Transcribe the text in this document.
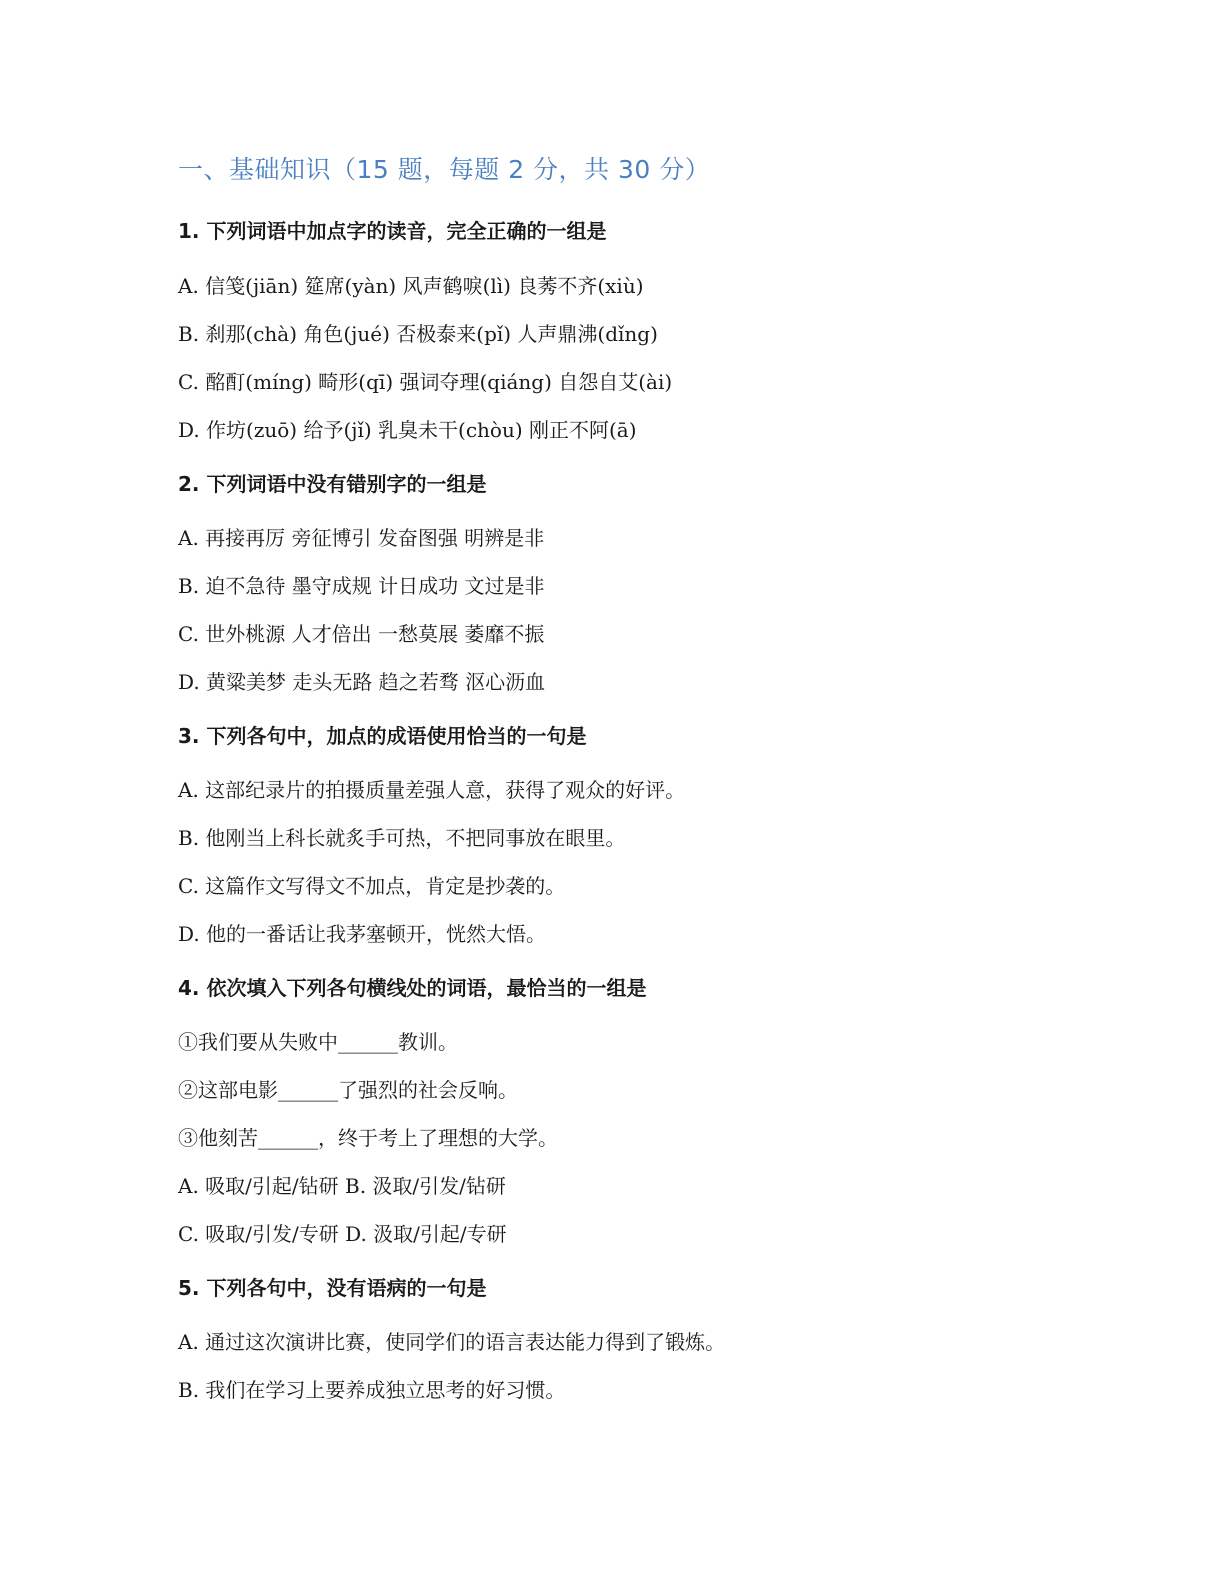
一、基础知识（15 题，每题 2 分，共 30 分）
1. 下列词语中加点字的读音，完全正确的一组是
A. 信笺(jiān) 筵席(yàn) 风声鹤唳(lì) 良莠不齐(xiù)
B. 刹那(chà) 角色(jué) 否极泰来(pǐ) 人声鼎沸(dǐng)
C. 酩酊(míng) 畸形(qī) 强词夺理(qiáng) 自怨自艾(ài)
D. 作坊(zuō) 给予(jǐ) 乳臭未干(chòu) 刚正不阿(ā)
2. 下列词语中没有错别字的一组是
A. 再接再厉 旁征博引 发奋图强 明辨是非
B. 迫不急待 墨守成规 计日成功 文过是非
C. 世外桃源 人才倍出 一愁莫展 萎靡不振
D. 黄粱美梦 走头无路 趋之若骛 沤心沥血
3. 下列各句中，加点的成语使用恰当的一句是
A. 这部纪录片的拍摄质量差强人意，获得了观众的好评。
B. 他刚当上科长就炙手可热，不把同事放在眼里。
C. 这篇作文写得文不加点，肯定是抄袭的。
D. 他的一番话让我茅塞顿开，恍然大悟。
4. 依次填入下列各句横线处的词语，最恰当的一组是
①我们要从失败中______教训。
②这部电影______了强烈的社会反响。
③他刻苦______，终于考上了理想的大学。
A. 吸取/引起/钻研 B. 汲取/引发/钻研
C. 吸取/引发/专研 D. 汲取/引起/专研
5. 下列各句中，没有语病的一句是
A. 通过这次演讲比赛，使同学们的语言表达能力得到了锻炼。
B. 我们在学习上要养成独立思考的好习惯。
